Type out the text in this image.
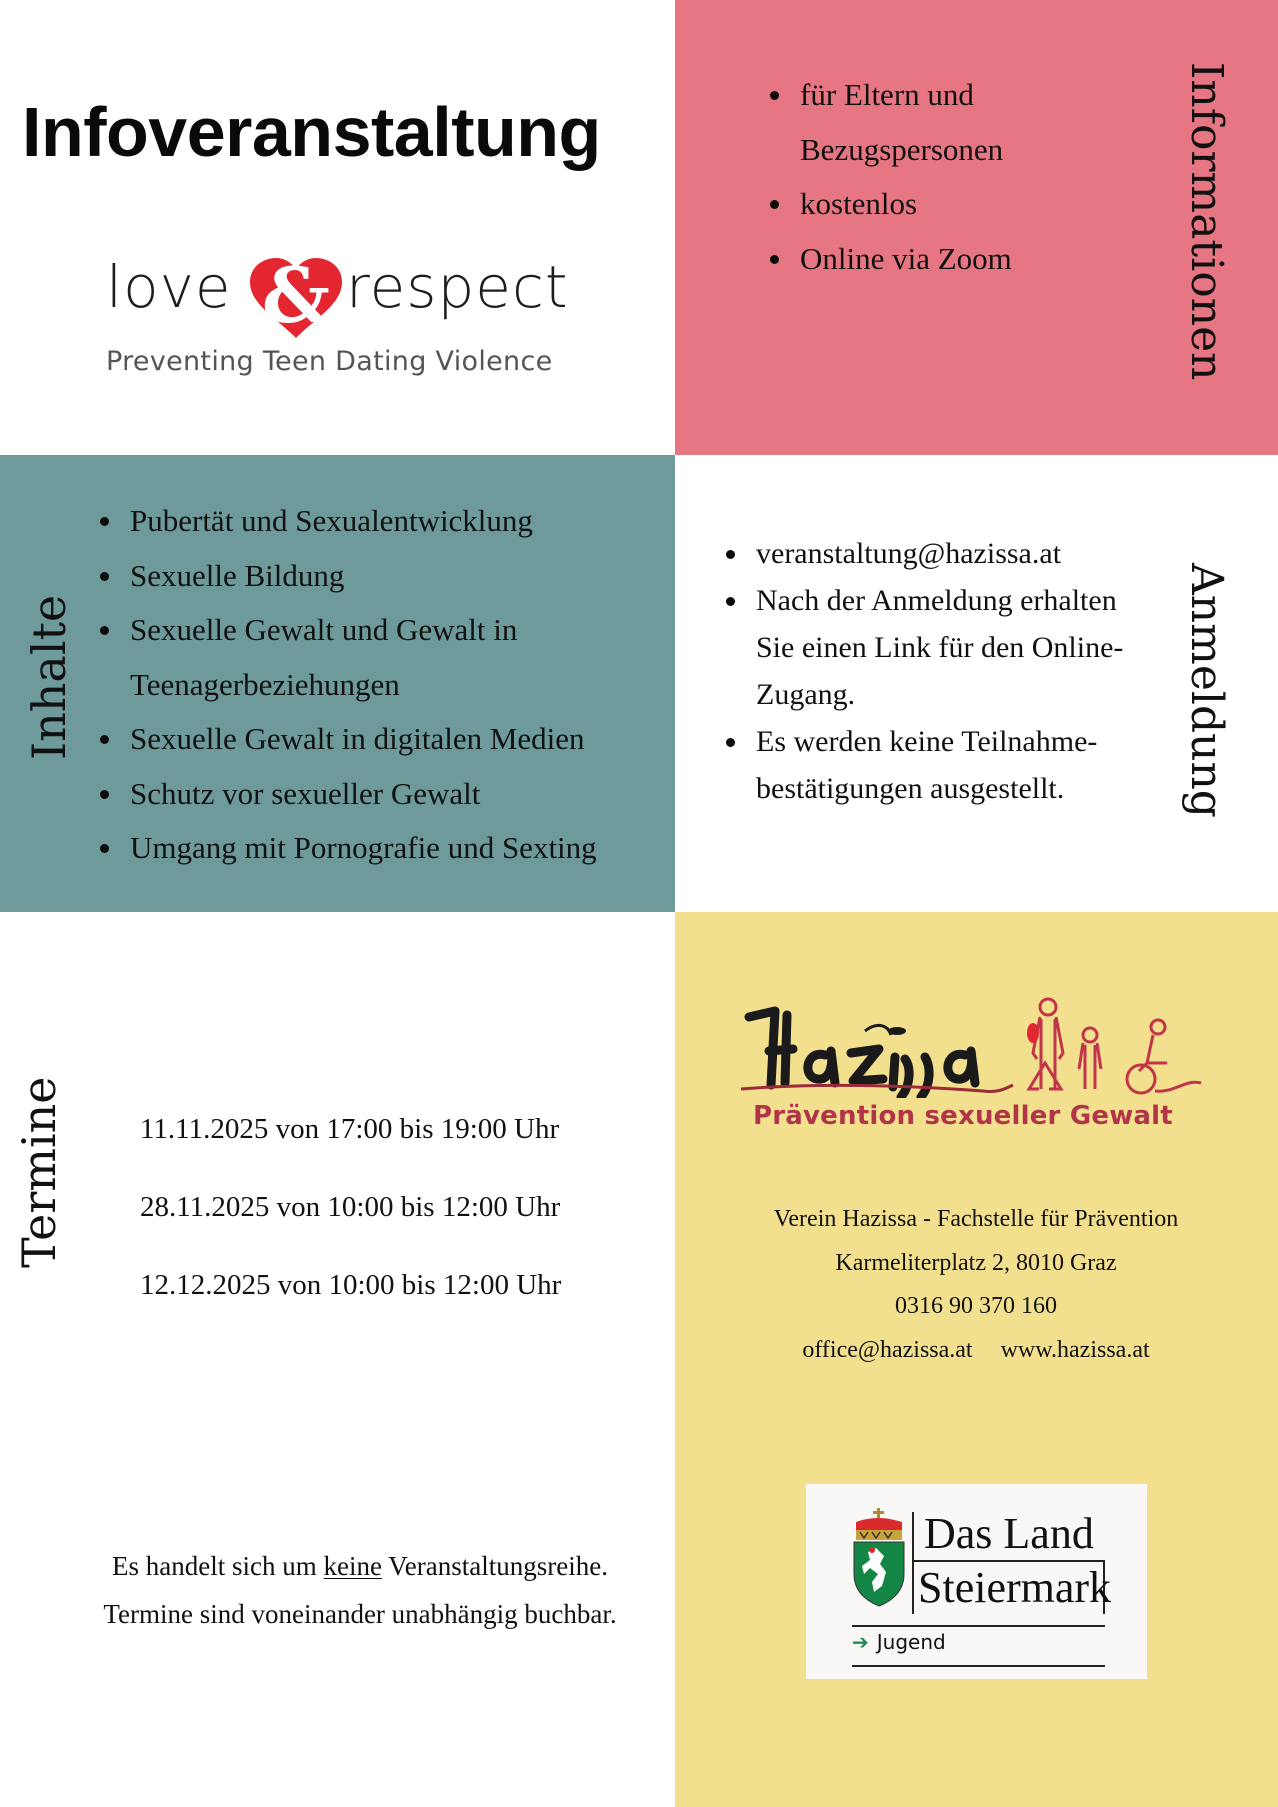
Infoveranstaltung
love & respect
Preventing Teen Dating Violence
für Eltern und
Bezugspersonen
kostenlos
Online via Zoom	Informationen
Inhalte
Pubertät und Sexualentwicklung
Sexuelle Bildung
Sexuelle Gewalt und Gewalt in
Teenagerbeziehungen
Sexuelle Gewalt in digitalen Medien
Schutz vor sexueller Gewalt
Umgang mit Pornografie und Sexting
veranstaltung@hazissa.at
Nach der Anmeldung erhalten
Sie einen Link für den Online-
Zugang.
Es werden keine Teilnahme-
bestätigungen ausgestellt.	Anmeldung
Termine	11.11.2025 von 17:00 bis 19:00 Uhr
28.11.2025 von 10:00 bis 12:00 Uhr
12.12.2025 von 10:00 bis 12:00 Uhr
Es handelt sich um keine Veranstaltungsreihe.
Termine sind voneinander unabhängig buchbar.
Prävention sexueller Gewalt
Verein Hazissa - Fachstelle für Prävention
Karmeliterplatz 2, 8010 Graz
0316 90 370 160
office@hazissa.at www.hazissa.at
Das Land
Steiermark
➔ Jugend
